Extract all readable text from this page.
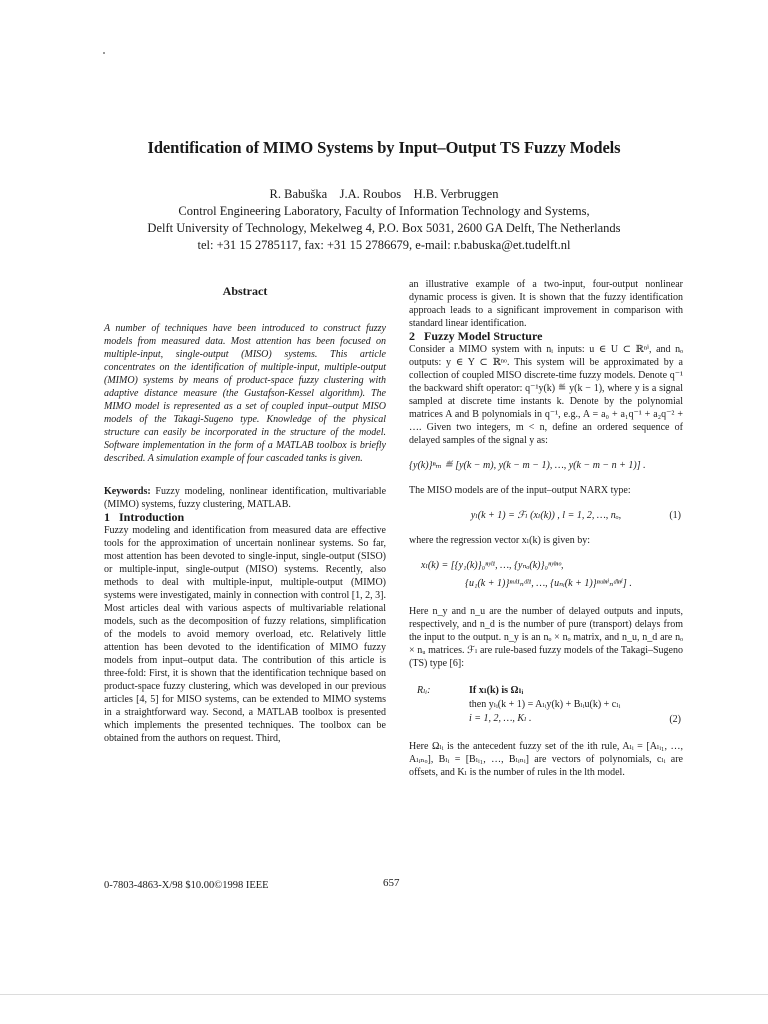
Identification of MIMO Systems by Input–Output TS Fuzzy Models
R. Babuška    J.A. Roubos    H.B. Verbruggen
Control Engineering Laboratory, Faculty of Information Technology and Systems,
Delft University of Technology, Mekelweg 4, P.O. Box 5031, 2600 GA Delft, The Netherlands
tel: +31 15 2785117, fax: +31 15 2786679, e-mail: r.babuska@et.tudelft.nl
Abstract

A number of techniques have been introduced to construct fuzzy models from measured data. Most attention has been focused on multiple-input, single-output (MISO) systems. This article concentrates on the identification of multiple-input, multiple-output (MIMO) systems by means of product-space fuzzy clustering with adaptive distance measure (the Gustafson-Kessel algorithm). The MIMO model is represented as a set of coupled input–output MISO models of the Takagi-Sugeno type. Knowledge of the physical structure can easily be incorporated in the structure of the model. Software implementation in the form of a MATLAB toolbox is briefly described. A simulation example of four cascaded tanks is given.

Keywords: Fuzzy modeling, nonlinear identification, multivariable (MIMO) systems, fuzzy clustering, MATLAB.

1   Introduction

Fuzzy modeling and identification from measured data are effective tools for the approximation of uncertain nonlinear systems. So far, most attention has been devoted to single-input, single-output (SISO) or multiple-input, single-output (MISO) systems. Recently, also methods to deal with multiple-input, multiple-output (MIMO) systems were investigated, mainly in connection with control [1, 2, 3]. Most articles deal with various aspects of multivariable relational models, such as the decomposition of fuzzy relations, simplification of the models to avoid memory overload, etc. Relatively little attention has been devoted to the identification of MIMO fuzzy models from input–output data. The contribution of this article is three-fold: First, it is shown that the identification technique based on product-space fuzzy clustering, which was developed in our previous articles [4, 5] for MISO systems, can be extended to MIMO systems in a straightforward way. Second, a MATLAB toolbox is presented which implements the presented techniques. The toolbox can be obtained from the authors on request. Third,

an illustrative example of a two-input, four-output nonlinear dynamic process is given. It is shown that the fuzzy identification approach leads to a significant improvement in comparison with standard linear identification.

2   Fuzzy Model Structure

Consider a MIMO system with nᵢ inputs: u ∈ U ⊂ ℝⁿⁱ, and nₒ outputs: y ∈ Y ⊂ ℝⁿᵒ. This system will be approximated by a collection of coupled MISO discrete-time fuzzy models. Denote q⁻¹ the backward shift operator: q⁻¹y(k) ≝ y(k − 1), where y is a signal sampled at discrete time instants k. Denote by the polynomial matrices A and B polynomials in q⁻¹, e.g., A = a₀ + a₁q⁻¹ + a₂q⁻² + …. Given two integers, m < n, define an ordered sequence of delayed samples of the signal y as:

{y(k)}ⁿₘ ≝ [y(k − m), y(k − m − 1), …, y(k − m − n + 1)] .

The MISO models are of the input–output NARX type:

yₗ(k + 1) = ℱₗ (xₗ(k)) , l = 1, 2, …, nₒ,	(1)

where the regression vector xₗ(k) is given by:

xₗ(k) = [{y₁(k)}₀ⁿʸˡ¹, …, {yₙₒ(k)}₀ⁿʸˡⁿᵒ,
{u₁(k + 1)}ⁿᵘˡ¹ₙᵈˡ¹, …, {uₙᵢ(k + 1)}ⁿᵘˡⁿⁱₙᵈˡⁿⁱ] .

Here n_y and n_u are the number of delayed outputs and inputs, respectively, and n_d is the number of pure (transport) delays from the input to the output. n_y is an nₒ × nₒ matrix, and n_u, n_d are nₒ × nᵤ matrices. ℱₗ are rule-based fuzzy models of the Takagi–Sugeno (TS) type [6]:

Rₗᵢ:	If xₗ(k) is Ωₗᵢ
then yₗᵢ(k + 1) = Aₗᵢy(k) + Bₗᵢu(k) + cₗᵢ
i = 1, 2, …, Kₗ .	(2)

Here Ωₗᵢ is the antecedent fuzzy set of the ith rule, Aₗᵢ = [Aₗᵢ₁, …, Aₗᵢₙₒ], Bₗᵢ = [Bₗᵢ₁, …, Bₗᵢₙᵢ] are vectors of polynomials, cₗᵢ are offsets, and Kₗ is the number of rules in the lth model.

0-7803-4863-X/98 $10.00©1998 IEEE	657
